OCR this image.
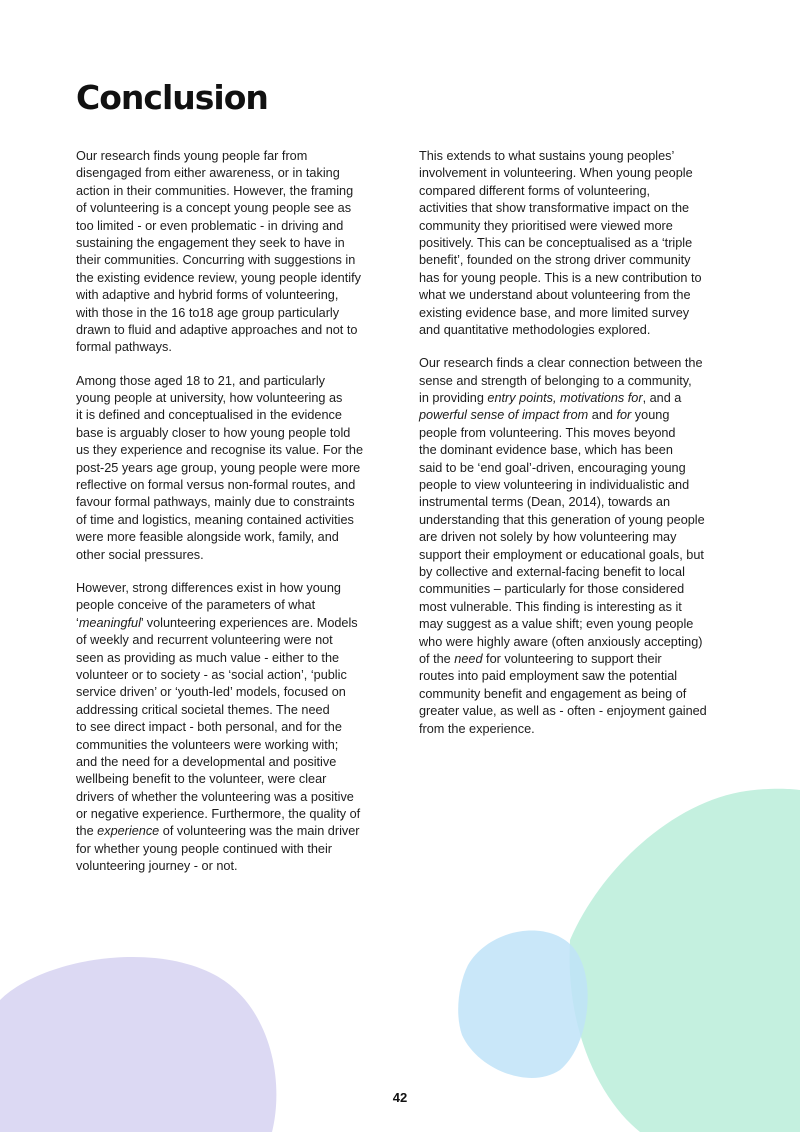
Conclusion
Our research finds young people far from
disengaged from either awareness, or in taking
action in their communities. However, the framing
of volunteering is a concept young people see as
too limited - or even problematic - in driving and
sustaining the engagement they seek to have in
their communities. Concurring with suggestions in
the existing evidence review, young people identify
with adaptive and hybrid forms of volunteering,
with those in the 16 to18 age group particularly
drawn to fluid and adaptive approaches and not to
formal pathways.
Among those aged 18 to 21, and particularly
young people at university, how volunteering as
it is defined and conceptualised in the evidence
base is arguably closer to how young people told
us they experience and recognise its value. For the
post-25 years age group, young people were more
reflective on formal versus non-formal routes, and
favour formal pathways, mainly due to constraints
of time and logistics, meaning contained activities
were more feasible alongside work, family, and
other social pressures.
However, strong differences exist in how young
people conceive of the parameters of what
‘meaningful’ volunteering experiences are. Models
of weekly and recurrent volunteering were not
seen as providing as much value - either to the
volunteer or to society - as ‘social action’, ‘public
service driven’ or ‘youth-led’ models, focused on
addressing critical societal themes. The need
to see direct impact - both personal, and for the
communities the volunteers were working with;
and the need for a developmental and positive
wellbeing benefit to the volunteer, were clear
drivers of whether the volunteering was a positive
or negative experience. Furthermore, the quality of
the experience of volunteering was the main driver
for whether young people continued with their
volunteering journey - or not.
This extends to what sustains young peoples’
involvement in volunteering. When young people
compared different forms of volunteering,
activities that show transformative impact on the
community they prioritised were viewed more
positively. This can be conceptualised as a ‘triple
benefit’, founded on the strong driver community
has for young people. This is a new contribution to
what we understand about volunteering from the
existing evidence base, and more limited survey
and quantitative methodologies explored.
Our research finds a clear connection between the
sense and strength of belonging to a community,
in providing entry points, motivations for, and a
powerful sense of impact from and for young
people from volunteering. This moves beyond
the dominant evidence base, which has been
said to be ‘end goal’-driven, encouraging young
people to view volunteering in individualistic and
instrumental terms (Dean, 2014), towards an
understanding that this generation of young people
are driven not solely by how volunteering may
support their employment or educational goals, but
by collective and external-facing benefit to local
communities – particularly for those considered
most vulnerable. This finding is interesting as it
may suggest as a value shift; even young people
who were highly aware (often anxiously accepting)
of the need for volunteering to support their
routes into paid employment saw the potential
community benefit and engagement as being of
greater value, as well as - often - enjoyment gained
from the experience.
42
